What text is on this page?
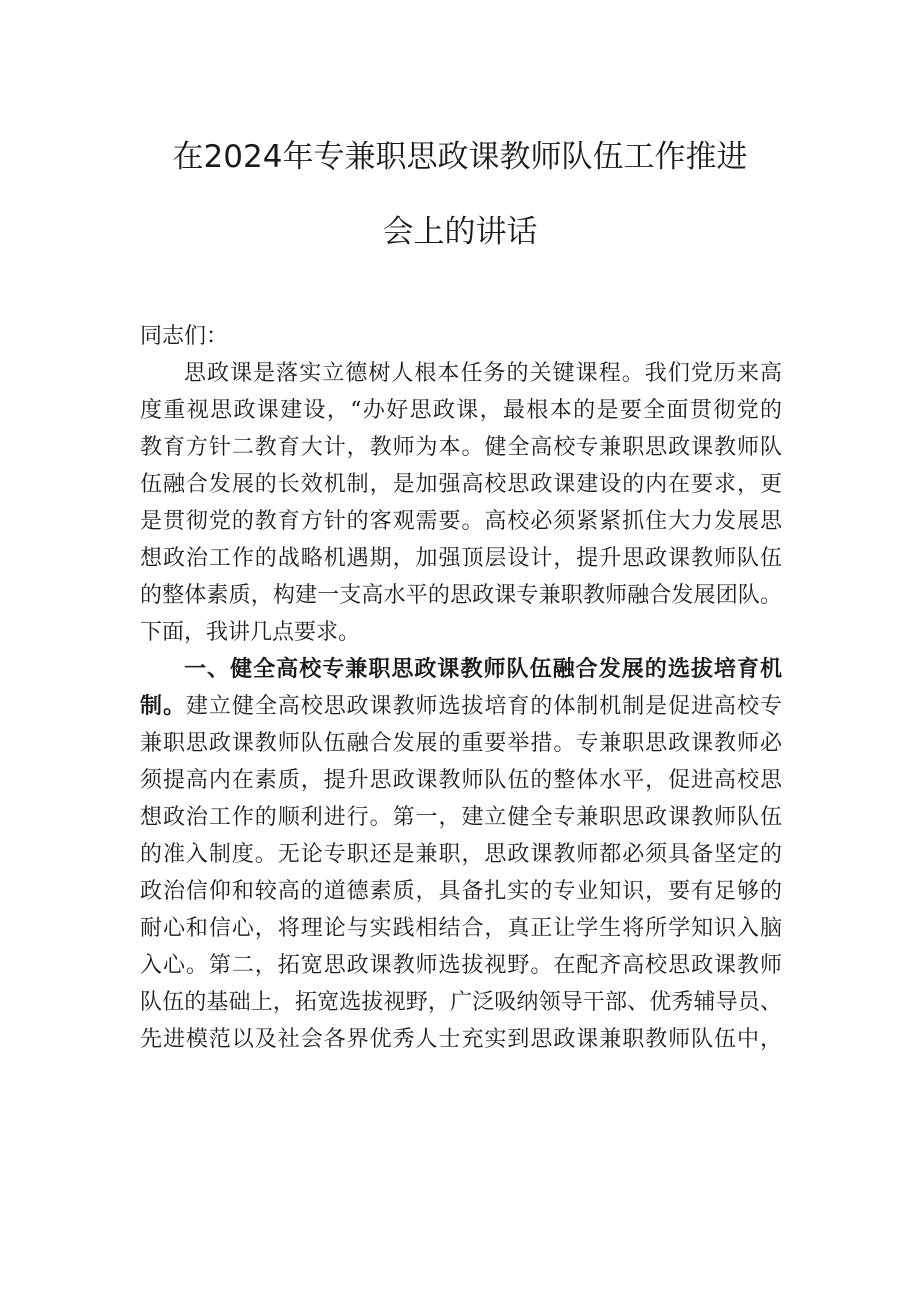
在2024年专兼职思政课教师队伍工作推进
会上的讲话
同志们：
思政课是落实立德树人根本任务的关键课程。我们党历来高
度重视思政课建设，“办好思政课，最根本的是要全面贯彻党的
教育方针二教育大计，教师为本。健全高校专兼职思政课教师队
伍融合发展的长效机制，是加强高校思政课建设的内在要求，更
是贯彻党的教育方针的客观需要。高校必须紧紧抓住大力发展思
想政治工作的战略机遇期，加强顶层设计，提升思政课教师队伍
的整体素质，构建一支高水平的思政课专兼职教师融合发展团队。
下面，我讲几点要求。
一、健全高校专兼职思政课教师队伍融合发展的选拔培育机
制。建立健全高校思政课教师选拔培育的体制机制是促进高校专
兼职思政课教师队伍融合发展的重要举措。专兼职思政课教师必
须提高内在素质，提升思政课教师队伍的整体水平，促进高校思
想政治工作的顺利进行。第一，建立健全专兼职思政课教师队伍
的准入制度。无论专职还是兼职，思政课教师都必须具备坚定的
政治信仰和较高的道德素质，具备扎实的专业知识，要有足够的
耐心和信心，将理论与实践相结合，真正让学生将所学知识入脑
入心。第二，拓宽思政课教师选拔视野。在配齐高校思政课教师
队伍的基础上，拓宽选拔视野，广泛吸纳领导干部、优秀辅导员、
先进模范以及社会各界优秀人士充实到思政课兼职教师队伍中，
